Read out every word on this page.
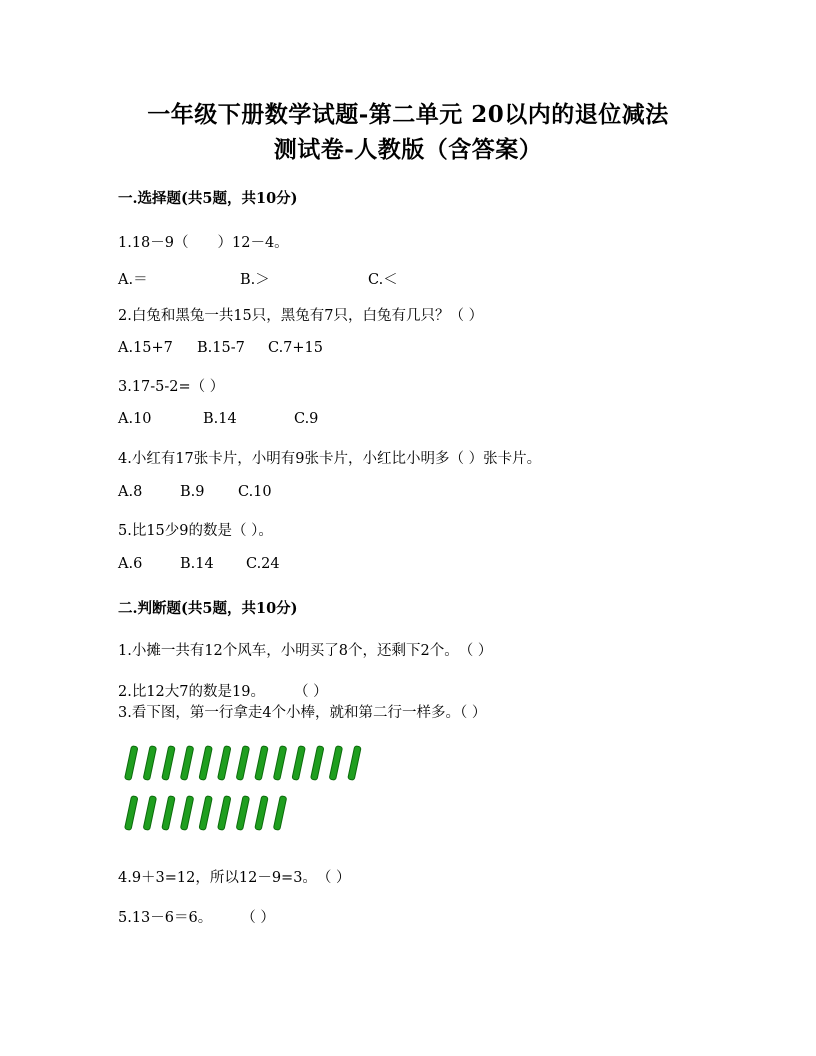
一年级下册数学试题-第二单元 20以内的退位减法
测试卷-人教版（含答案）
一.选择题(共5题，共10分)
1.18－9（　　）12－4。
A.＝	B.＞	C.＜
2.白兔和黑兔一共15只，黑兔有7只，白兔有几只？（ ）
A.15+7 B.15-7 C.7+15
3.17-5-2=（ ）
A.10	B.14	C.9
4.小红有17张卡片，小明有9张卡片，小红比小明多（ ）张卡片。
A.8	B.9 C.10
5.比15少9的数是（ ）。
A.6	B.14 C.24
二.判断题(共5题，共10分)
1.小摊一共有12个风车，小明买了8个，还剩下2个。　（ ）
2.比12大7的数是19。　　　（ ）
3.看下图，第一行拿走4个小棒，就和第二行一样多。（ ）
4.9＋3=12，所以12－9=3。　（ ）
5.13－6＝6。　　　（ ）
